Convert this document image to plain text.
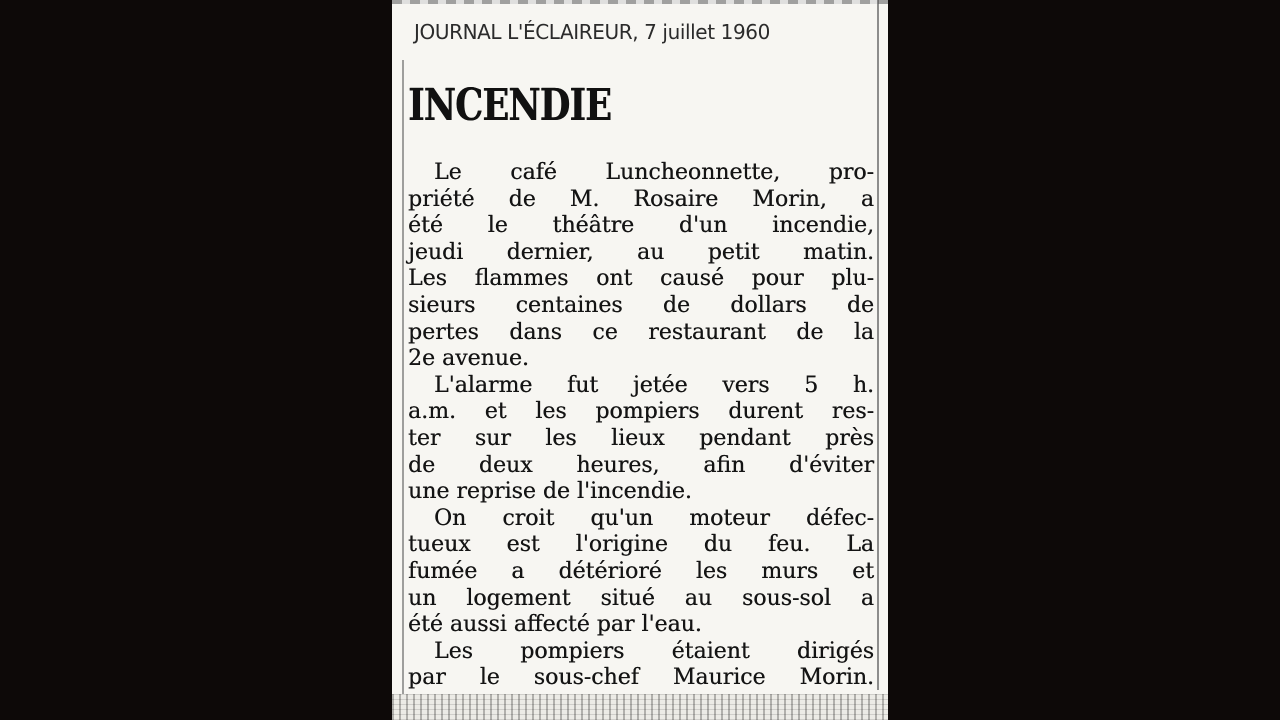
JOURNAL L'ÉCLAIREUR, 7 juillet 1960
INCENDIE
Le café Luncheonnette, pro-
priété de M. Rosaire Morin, a
été le théâtre d'un incendie,
jeudi dernier, au petit matin.
Les flammes ont causé pour plu-
sieurs centaines de dollars de
pertes dans ce restaurant de la
2e avenue.
L'alarme fut jetée vers 5 h.
a.m. et les pompiers durent res-
ter sur les lieux pendant près
de deux heures, afin d'éviter
une reprise de l'incendie.
On croit qu'un moteur défec-
tueux est l'origine du feu. La
fumée a détérioré les murs et
un logement situé au sous-sol a
été aussi affecté par l'eau.
Les pompiers étaient dirigés
par le sous-chef Maurice Morin.
